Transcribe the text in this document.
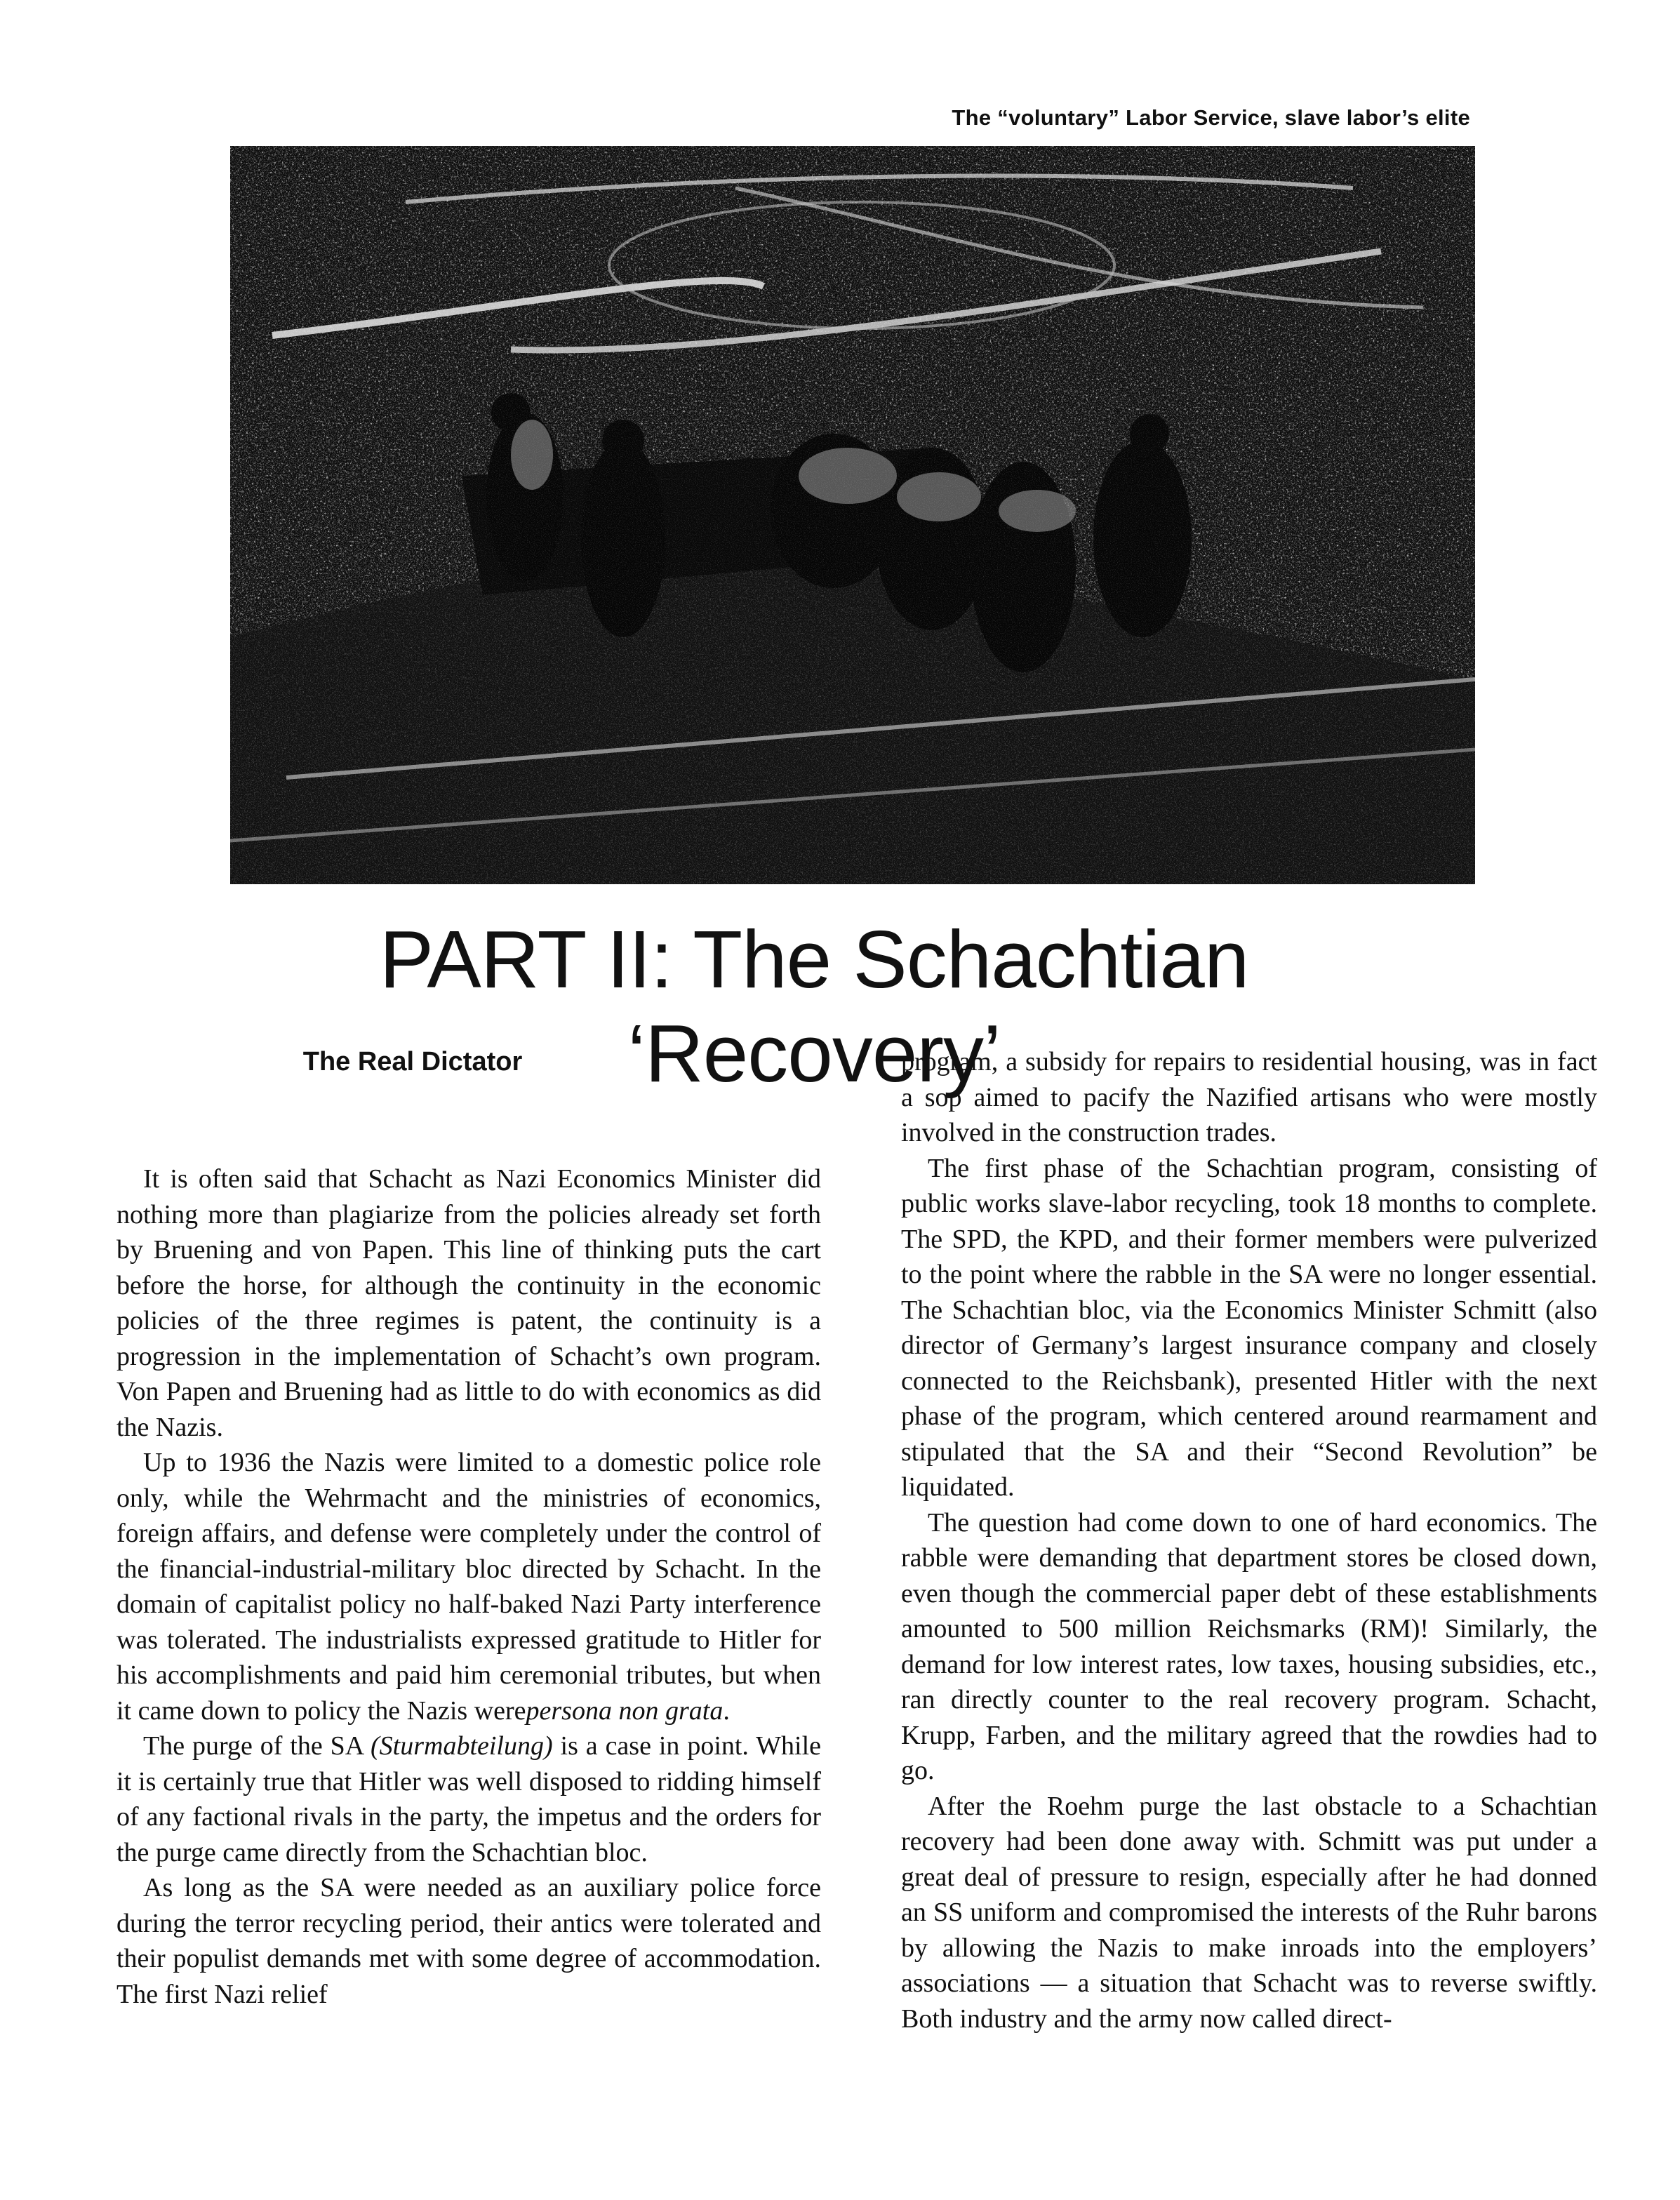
The “voluntary” Labor Service, slave labor’s elite
PART II: The Schachtian ‘Recovery’
The Real Dictator

It is often said that Schacht as Nazi Economics Minister did nothing more than plagiarize from the policies already set forth by Bruening and von Papen. This line of thinking puts the cart before the horse, for although the continuity in the economic policies of the three regimes is patent, the continuity is a progression in the implementation of Schacht’s own program. Von Papen and Bruening had as little to do with economics as did the Nazis.

Up to 1936 the Nazis were limited to a domestic police role only, while the Wehrmacht and the ministries of economics, foreign affairs, and defense were completely under the control of the financial-industrial-military bloc directed by Schacht. In the domain of capitalist policy no half-baked Nazi Party interference was tolerated. The industrialists expressed gratitude to Hitler for his accomplishments and paid him ceremonial tributes, but when it came down to policy the Nazis werepersona non grata.

The purge of the SA (Sturmabteilung) is a case in point. While it is certainly true that Hitler was well disposed to ridding himself of any factional rivals in the party, the impetus and the orders for the purge came directly from the Schachtian bloc.

As long as the SA were needed as an auxiliary police force during the terror recycling period, their antics were tolerated and their populist demands met with some degree of accommodation. The first Nazi relief

program, a subsidy for repairs to residential housing, was in fact a sop aimed to pacify the Nazified artisans who were mostly involved in the construction trades.

The first phase of the Schachtian program, consisting of public works slave-labor recycling, took 18 months to complete. The SPD, the KPD, and their former members were pulverized to the point where the rabble in the SA were no longer essential. The Schachtian bloc, via the Economics Minister Schmitt (also director of Germany’s largest insurance company and closely connected to the Reichsbank), presented Hitler with the next phase of the program, which centered around rearmament and stipulated that the SA and their “Second Revolution” be liquidated.

The question had come down to one of hard economics. The rabble were demanding that department stores be closed down, even though the commercial paper debt of these establishments amounted to 500 million Reichsmarks (RM)! Similarly, the demand for low interest rates, low taxes, housing subsidies, etc., ran directly counter to the real recovery program. Schacht, Krupp, Farben, and the military agreed that the rowdies had to go.

After the Roehm purge the last obstacle to a Schachtian recovery had been done away with. Schmitt was put under a great deal of pressure to resign, especially after he had donned an SS uniform and compromised the interests of the Ruhr barons by allowing the Nazis to make inroads into the employers’ associations — a situation that Schacht was to reverse swiftly. Both industry and the army now called direct-
